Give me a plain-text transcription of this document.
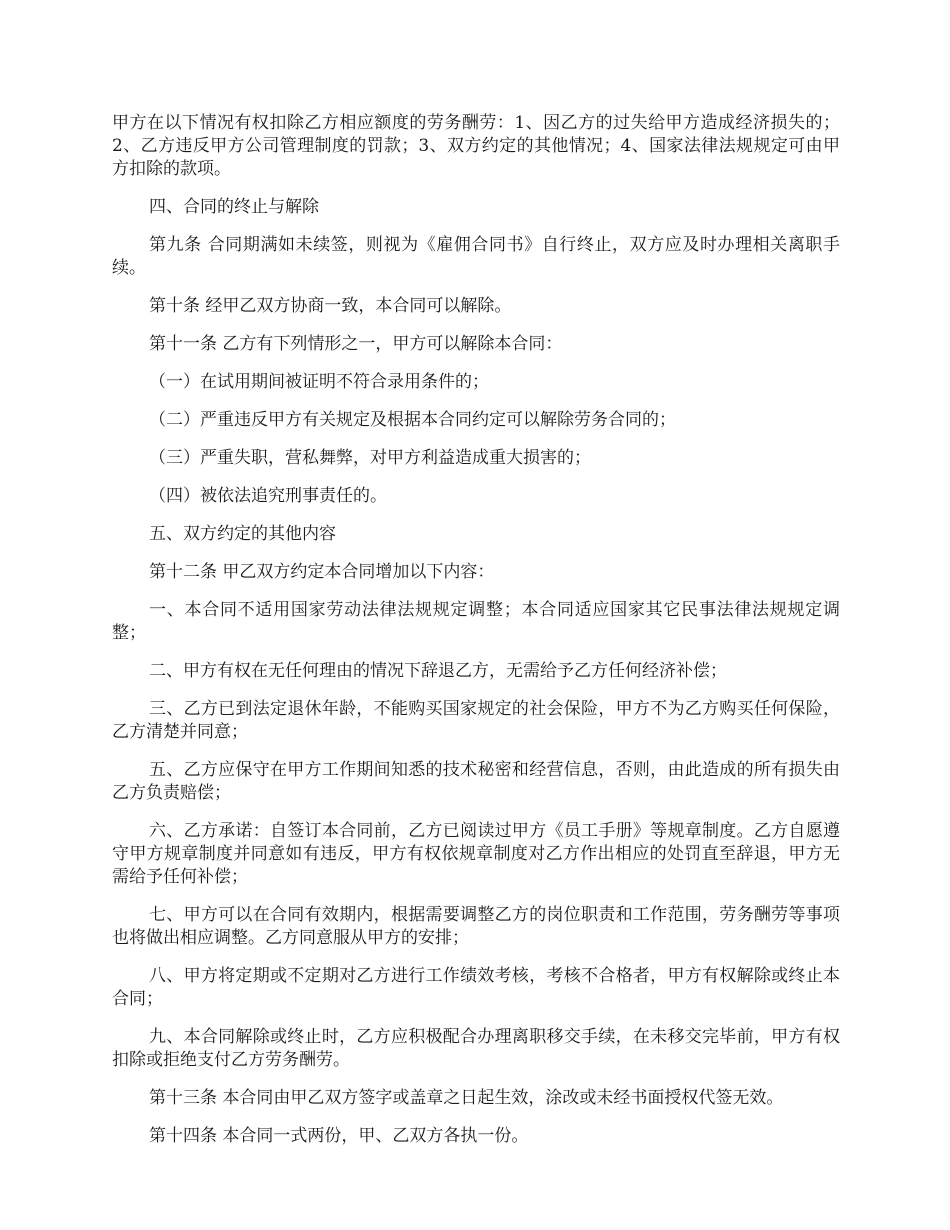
甲方在以下情况有权扣除乙方相应额度的劳务酬劳：1、因乙方的过失给甲方造成经济损失的；2、乙方违反甲方公司管理制度的罚款；3、双方约定的其他情况；4、国家法律法规规定可由甲方扣除的款项。

四、合同的终止与解除

第九条 合同期满如未续签，则视为《雇佣合同书》自行终止，双方应及时办理相关离职手续。

第十条 经甲乙双方协商一致，本合同可以解除。

第十一条 乙方有下列情形之一，甲方可以解除本合同：

（一）在试用期间被证明不符合录用条件的；

（二）严重违反甲方有关规定及根据本合同约定可以解除劳务合同的；

（三）严重失职，营私舞弊，对甲方利益造成重大损害的；

（四）被依法追究刑事责任的。

五、双方约定的其他内容

第十二条 甲乙双方约定本合同增加以下内容：

一、本合同不适用国家劳动法律法规规定调整；本合同适应国家其它民事法律法规规定调整；

二、甲方有权在无任何理由的情况下辞退乙方，无需给予乙方任何经济补偿；

三、乙方已到法定退休年龄，不能购买国家规定的社会保险，甲方不为乙方购买任何保险，乙方清楚并同意；

五、乙方应保守在甲方工作期间知悉的技术秘密和经营信息，否则，由此造成的所有损失由乙方负责赔偿；

六、乙方承诺：自签订本合同前，乙方已阅读过甲方《员工手册》等规章制度。乙方自愿遵守甲方规章制度并同意如有违反，甲方有权依规章制度对乙方作出相应的处罚直至辞退，甲方无需给予任何补偿；

七、甲方可以在合同有效期内，根据需要调整乙方的岗位职责和工作范围，劳务酬劳等事项也将做出相应调整。乙方同意服从甲方的安排；

八、甲方将定期或不定期对乙方进行工作绩效考核，考核不合格者，甲方有权解除或终止本合同；

九、本合同解除或终止时，乙方应积极配合办理离职移交手续，在未移交完毕前，甲方有权扣除或拒绝支付乙方劳务酬劳。

第十三条 本合同由甲乙双方签字或盖章之日起生效，涂改或未经书面授权代签无效。

第十四条 本合同一式两份，甲、乙双方各执一份。
